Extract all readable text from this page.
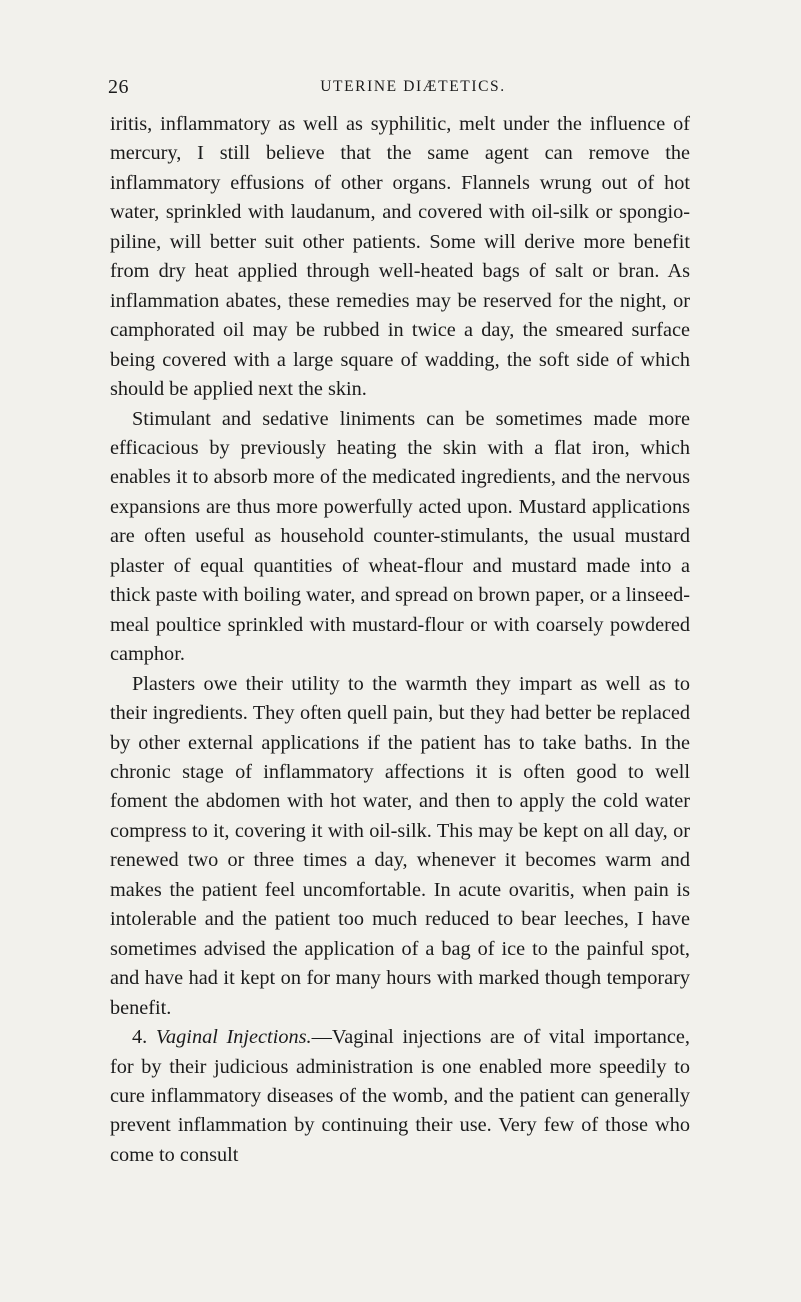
26	UTERINE DIÆTETICS.

iritis, inflammatory as well as syphilitic, melt under the influence of mercury, I still believe that the same agent can remove the inflammatory effusions of other organs. Flannels wrung out of hot water, sprinkled with laudanum, and covered with oil-silk or spongio-piline, will better suit other patients. Some will derive more benefit from dry heat applied through well-heated bags of salt or bran. As inflammation abates, these remedies may be reserved for the night, or camphorated oil may be rubbed in twice a day, the smeared surface being covered with a large square of wadding, the soft side of which should be applied next the skin.

Stimulant and sedative liniments can be sometimes made more efficacious by previously heating the skin with a flat iron, which enables it to absorb more of the medicated ingredients, and the nervous expansions are thus more powerfully acted upon. Mustard applications are often useful as household counter-stimulants, the usual mustard plaster of equal quantities of wheat-flour and mustard made into a thick paste with boiling water, and spread on brown paper, or a linseed-meal poultice sprinkled with mustard-flour or with coarsely powdered camphor.

Plasters owe their utility to the warmth they impart as well as to their ingredients. They often quell pain, but they had better be replaced by other external applications if the patient has to take baths. In the chronic stage of inflammatory affections it is often good to well foment the abdomen with hot water, and then to apply the cold water compress to it, covering it with oil-silk. This may be kept on all day, or renewed two or three times a day, whenever it becomes warm and makes the patient feel uncomfortable. In acute ovaritis, when pain is intolerable and the patient too much reduced to bear leeches, I have sometimes advised the application of a bag of ice to the painful spot, and have had it kept on for many hours with marked though temporary benefit.

4. Vaginal Injections.—Vaginal injections are of vital importance, for by their judicious administration is one enabled more speedily to cure inflammatory diseases of the womb, and the patient can generally prevent inflammation by continuing their use. Very few of those who come to consult
